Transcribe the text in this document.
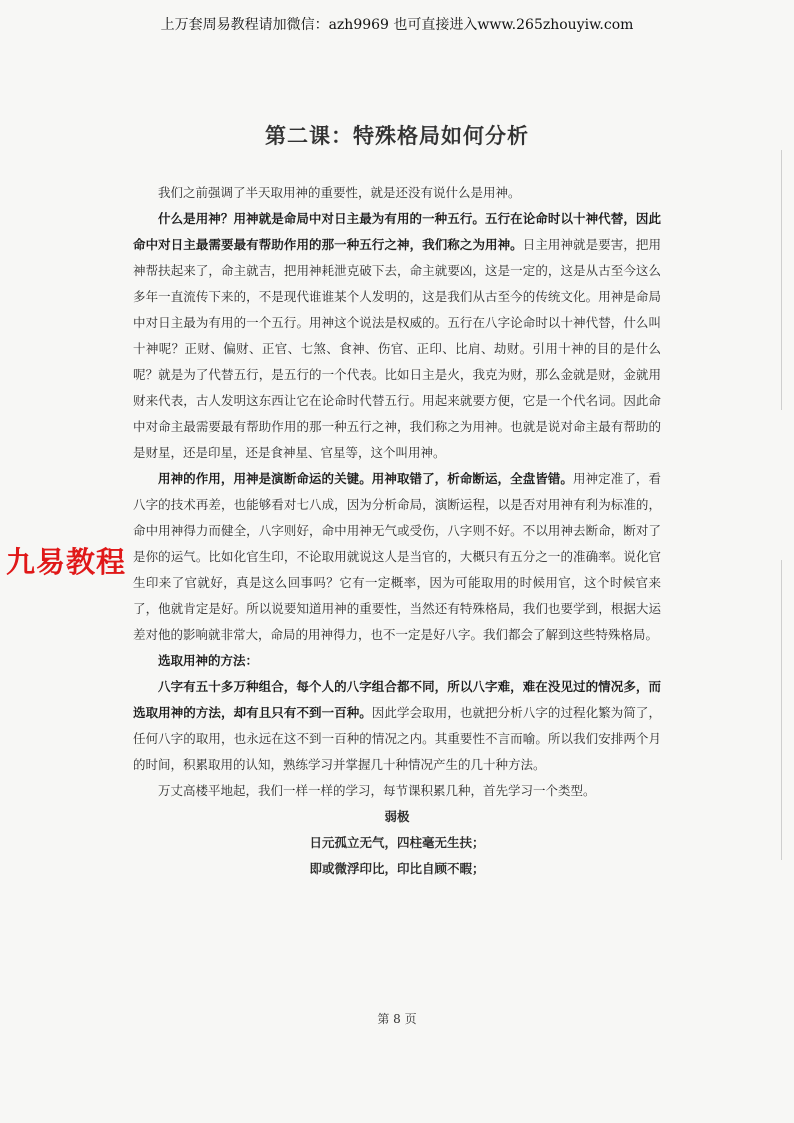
上万套周易教程请加微信：azh9969 也可直接进入www.265zhouyiw.com
第二课：特殊格局如何分析

我们之前强调了半天取用神的重要性，就是还没有说什么是用神。

什么是用神？用神就是命局中对日主最为有用的一种五行。五行在论命时以十神代替，因此命中对日主最需要最有帮助作用的那一种五行之神，我们称之为用神。日主用神就是要害，把用神帮扶起来了，命主就吉，把用神耗泄克破下去，命主就要凶，这是一定的，这是从古至今这么多年一直流传下来的，不是现代谁谁某个人发明的，这是我们从古至今的传统文化。用神是命局中对日主最为有用的一个五行。用神这个说法是权威的。五行在八字论命时以十神代替，什么叫十神呢？正财、偏财、正官、七煞、食神、伤官、正印、比肩、劫财。引用十神的目的是什么呢？就是为了代替五行，是五行的一个代表。比如日主是火，我克为财，那么金就是财，金就用财来代表，古人发明这东西让它在论命时代替五行。用起来就要方便，它是一个代名词。因此命中对命主最需要最有帮助作用的那一种五行之神，我们称之为用神。也就是说对命主最有帮助的是财星，还是印星，还是食神星、官星等，这个叫用神。

用神的作用，用神是演断命运的关键。用神取错了，析命断运，全盘皆错。用神定准了，看八字的技术再差，也能够看对七八成，因为分析命局，演断运程，以是否对用神有利为标准的，命中用神得力而健全，八字则好，命中用神无气或受伤，八字则不好。不以用神去断命，断对了是你的运气。比如化官生印，不论取用就说这人是当官的，大概只有五分之一的准确率。说化官生印来了官就好，真是这么回事吗？它有一定概率，因为可能取用的时候用官，这个时候官来了，他就肯定是好。所以说要知道用神的重要性，当然还有特殊格局，我们也要学到，根据大运差对他的影响就非常大，命局的用神得力，也不一定是好八字。我们都会了解到这些特殊格局。

选取用神的方法：

八字有五十多万种组合，每个人的八字组合都不同，所以八字难，难在没见过的情况多，而选取用神的方法，却有且只有不到一百种。因此学会取用，也就把分析八字的过程化繁为简了，任何八字的取用，也永远在这不到一百种的情况之内。其重要性不言而喻。所以我们安排两个月的时间，积累取用的认知，熟练学习并掌握几十种情况产生的几十种方法。

万丈高楼平地起，我们一样一样的学习，每节课积累几种，首先学习一个类型。

弱极

日元孤立无气，四柱毫无生扶；

即或微浮印比，印比自顾不暇；

九易教程
第 8 页
